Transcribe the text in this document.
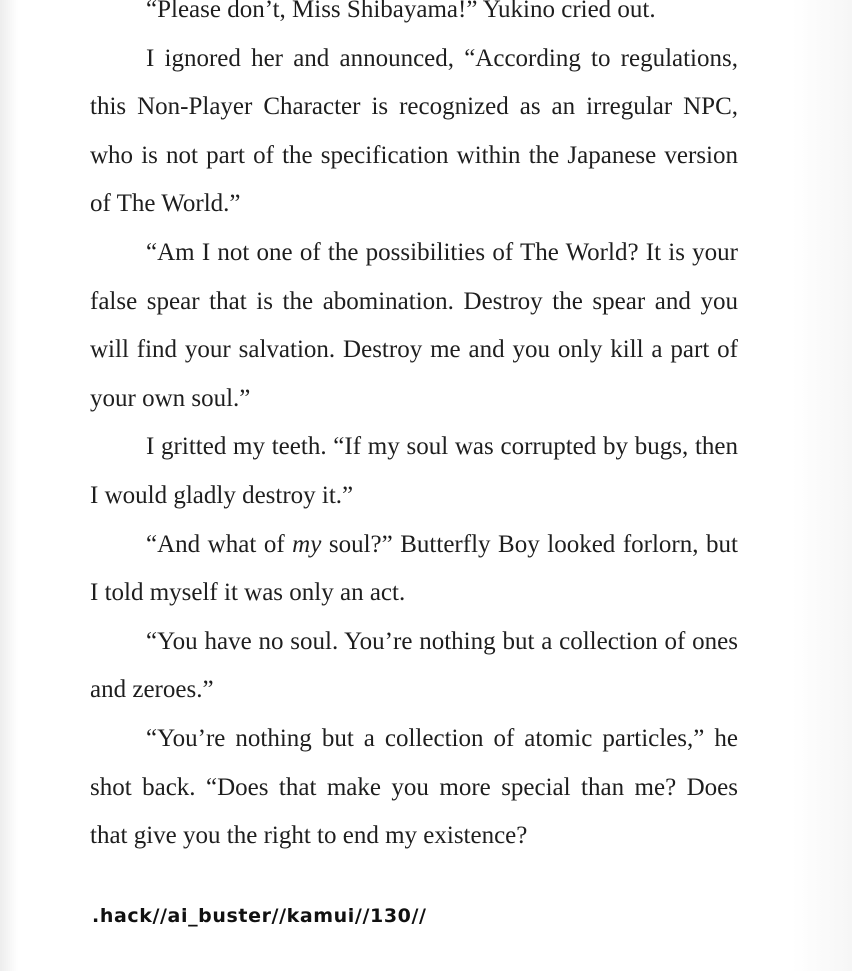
“Please don’t, Miss Shibayama!” Yukino cried out.

I ignored her and announced, “According to regulations, this Non-Player Character is recognized as an irregular NPC, who is not part of the specification within the Japanese version of The World.”

“Am I not one of the possibilities of The World? It is your false spear that is the abomination. Destroy the spear and you will find your salvation. Destroy me and you only kill a part of your own soul.”

I gritted my teeth. “If my soul was corrupted by bugs, then I would gladly destroy it.”

“And what of my soul?” Butterfly Boy looked forlorn, but I told myself it was only an act.

“You have no soul. You’re nothing but a collection of ones and zeroes.”

“You’re nothing but a collection of atomic particles,” he shot back. “Does that make you more special than me? Does that give you the right to end my existence?

.hack//ai_buster//kamui//130//
